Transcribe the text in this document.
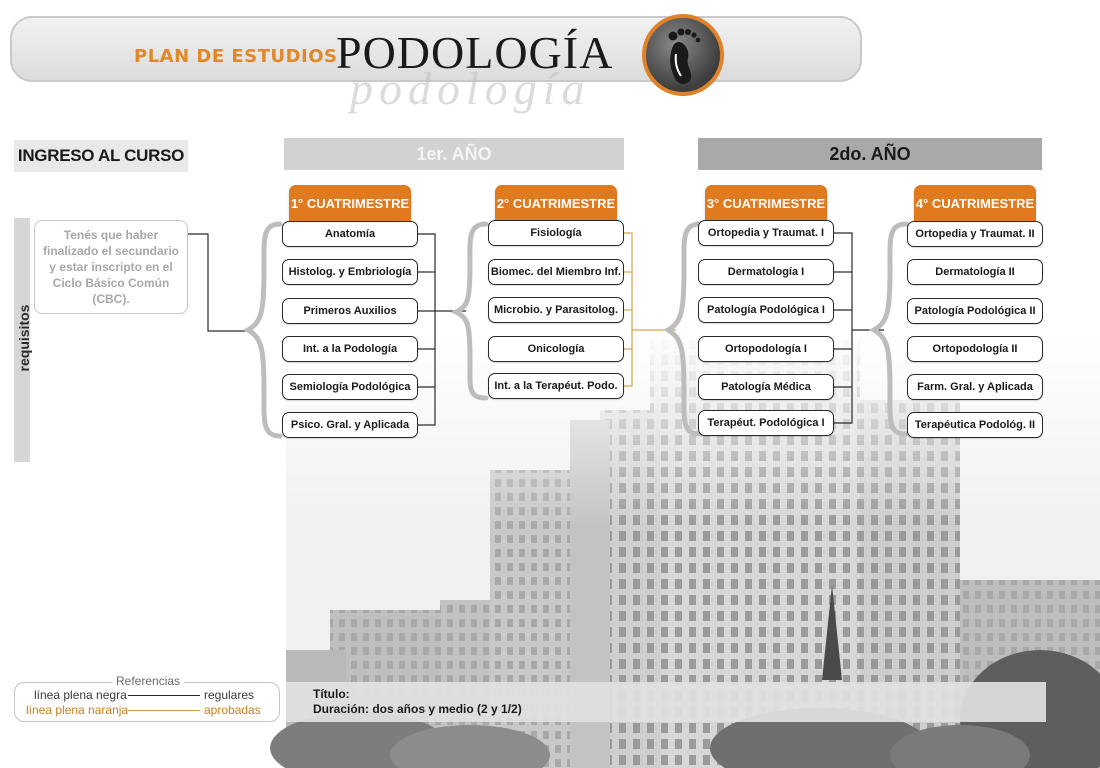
PLAN DE ESTUDIOS
podología
PODOLOGÍA
INGRESO AL CURSO	1er. AÑO	2do. AÑO
requisitos
Tenés que haber finalizado el secundario y estar inscripto en el Ciclo Básico Común (CBC).
1° CUATRIMESTRE	2° CUATRIMESTRE	3° CUATRIMESTRE	4° CUATRIMESTRE
Anatomía
Histolog. y Embriología
Primeros Auxilios
Int. a la Podología
Semiología Podológica
Psico. Gral. y Aplicada
Fisiología
Biomec. del Miembro Inf.
Microbio. y Parasitolog.
Onicología
Int. a la Terapéut. Podo.
Ortopedia y Traumat. I
Dermatología I
Patología Podológica I
Ortopodología I
Patología Médica
Terapéut. Podológica I
Ortopedia y Traumat. II
Dermatología II
Patología Podológica II
Ortopodología II
Farm. Gral. y Aplicada
Terapéutica Podológ. II
Referencias
línea plena negra	regulares
línea plena naranja	aprobadas
Título:
Duración: dos años y medio (2 y 1/2)
